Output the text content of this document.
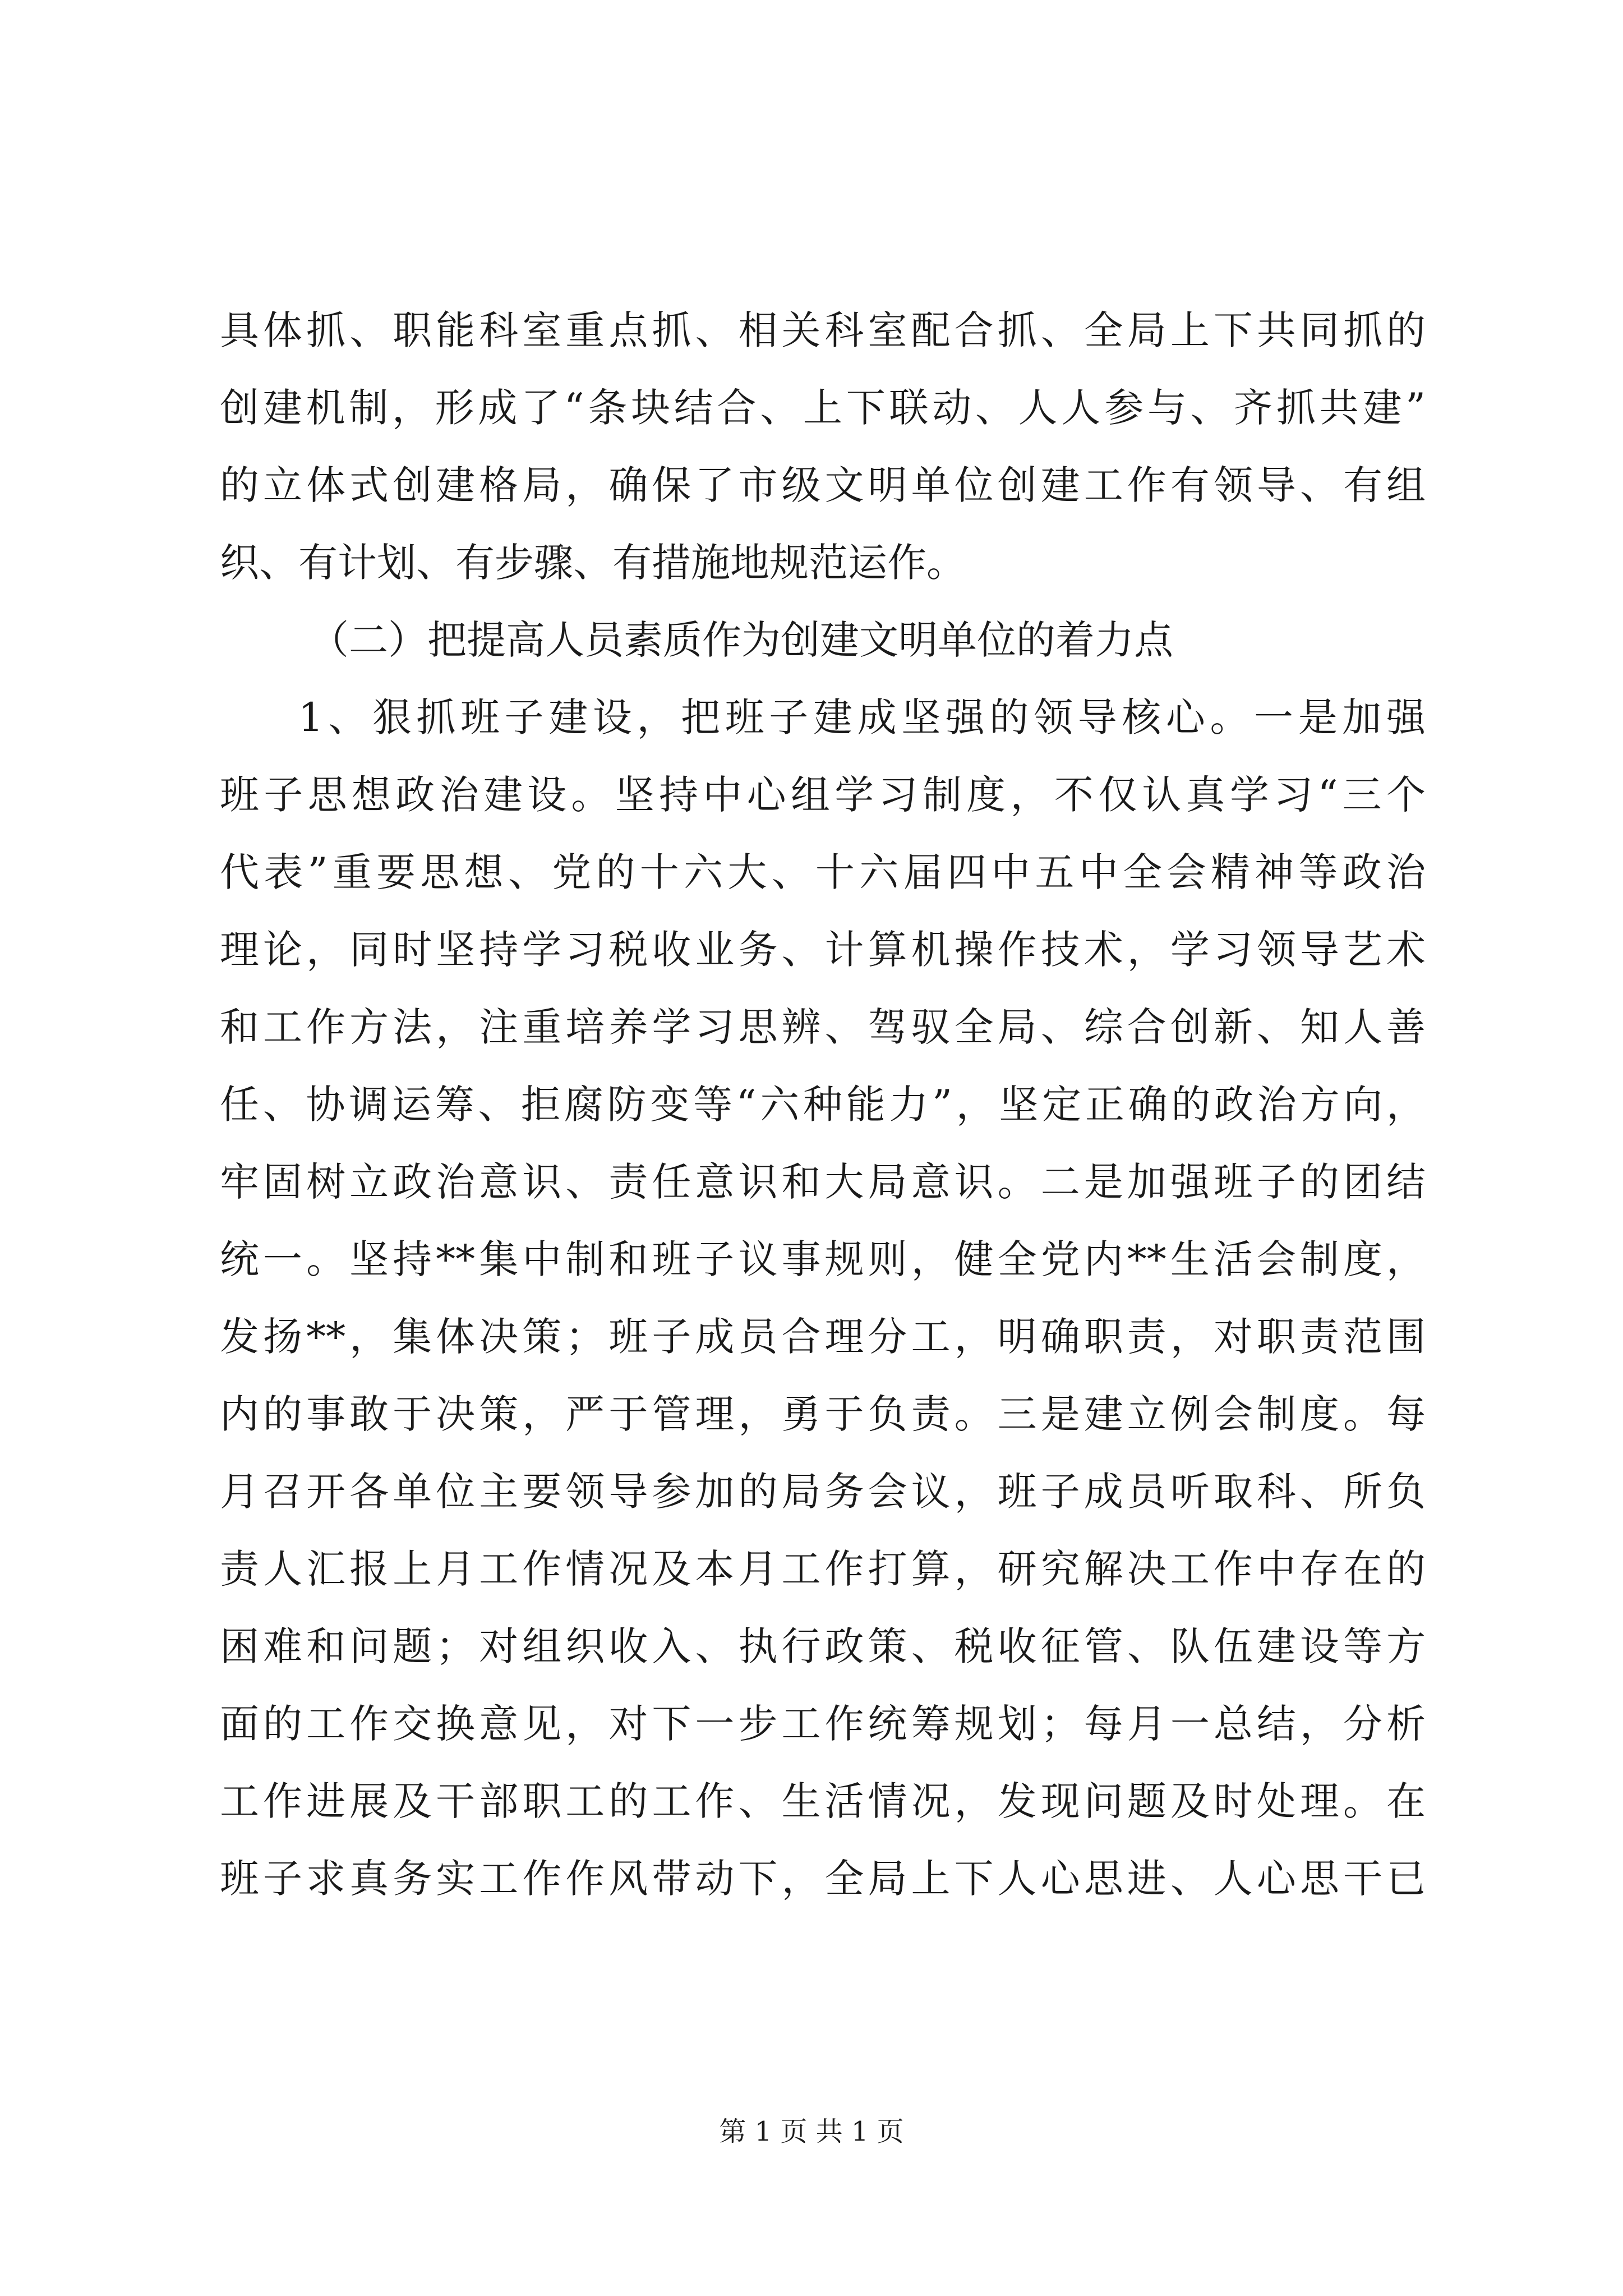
具体抓、职能科室重点抓、相关科室配合抓、全局上下共同抓的
创建机制，形成了“条块结合、上下联动、人人参与、齐抓共建”
的立体式创建格局，确保了市级文明单位创建工作有领导、有组
织、有计划、有步骤、有措施地规范运作。
（二）把提高人员素质作为创建文明单位的着力点
1、狠抓班子建设，把班子建成坚强的领导核心。一是加强
班子思想政治建设。坚持中心组学习制度，不仅认真学习“三个
代表”重要思想、党的十六大、十六届四中五中全会精神等政治
理论，同时坚持学习税收业务、计算机操作技术，学习领导艺术
和工作方法，注重培养学习思辨、驾驭全局、综合创新、知人善
任、协调运筹、拒腐防变等“六种能力”，坚定正确的政治方向，
牢固树立政治意识、责任意识和大局意识。二是加强班子的团结
统一。坚持**集中制和班子议事规则，健全党内**生活会制度，
发扬**，集体决策；班子成员合理分工，明确职责，对职责范围
内的事敢于决策，严于管理，勇于负责。三是建立例会制度。每
月召开各单位主要领导参加的局务会议，班子成员听取科、所负
责人汇报上月工作情况及本月工作打算，研究解决工作中存在的
困难和问题；对组织收入、执行政策、税收征管、队伍建设等方
面的工作交换意见，对下一步工作统筹规划；每月一总结，分析
工作进展及干部职工的工作、生活情况，发现问题及时处理。在
班子求真务实工作作风带动下，全局上下人心思进、人心思干已
第 1 页 共 1 页
